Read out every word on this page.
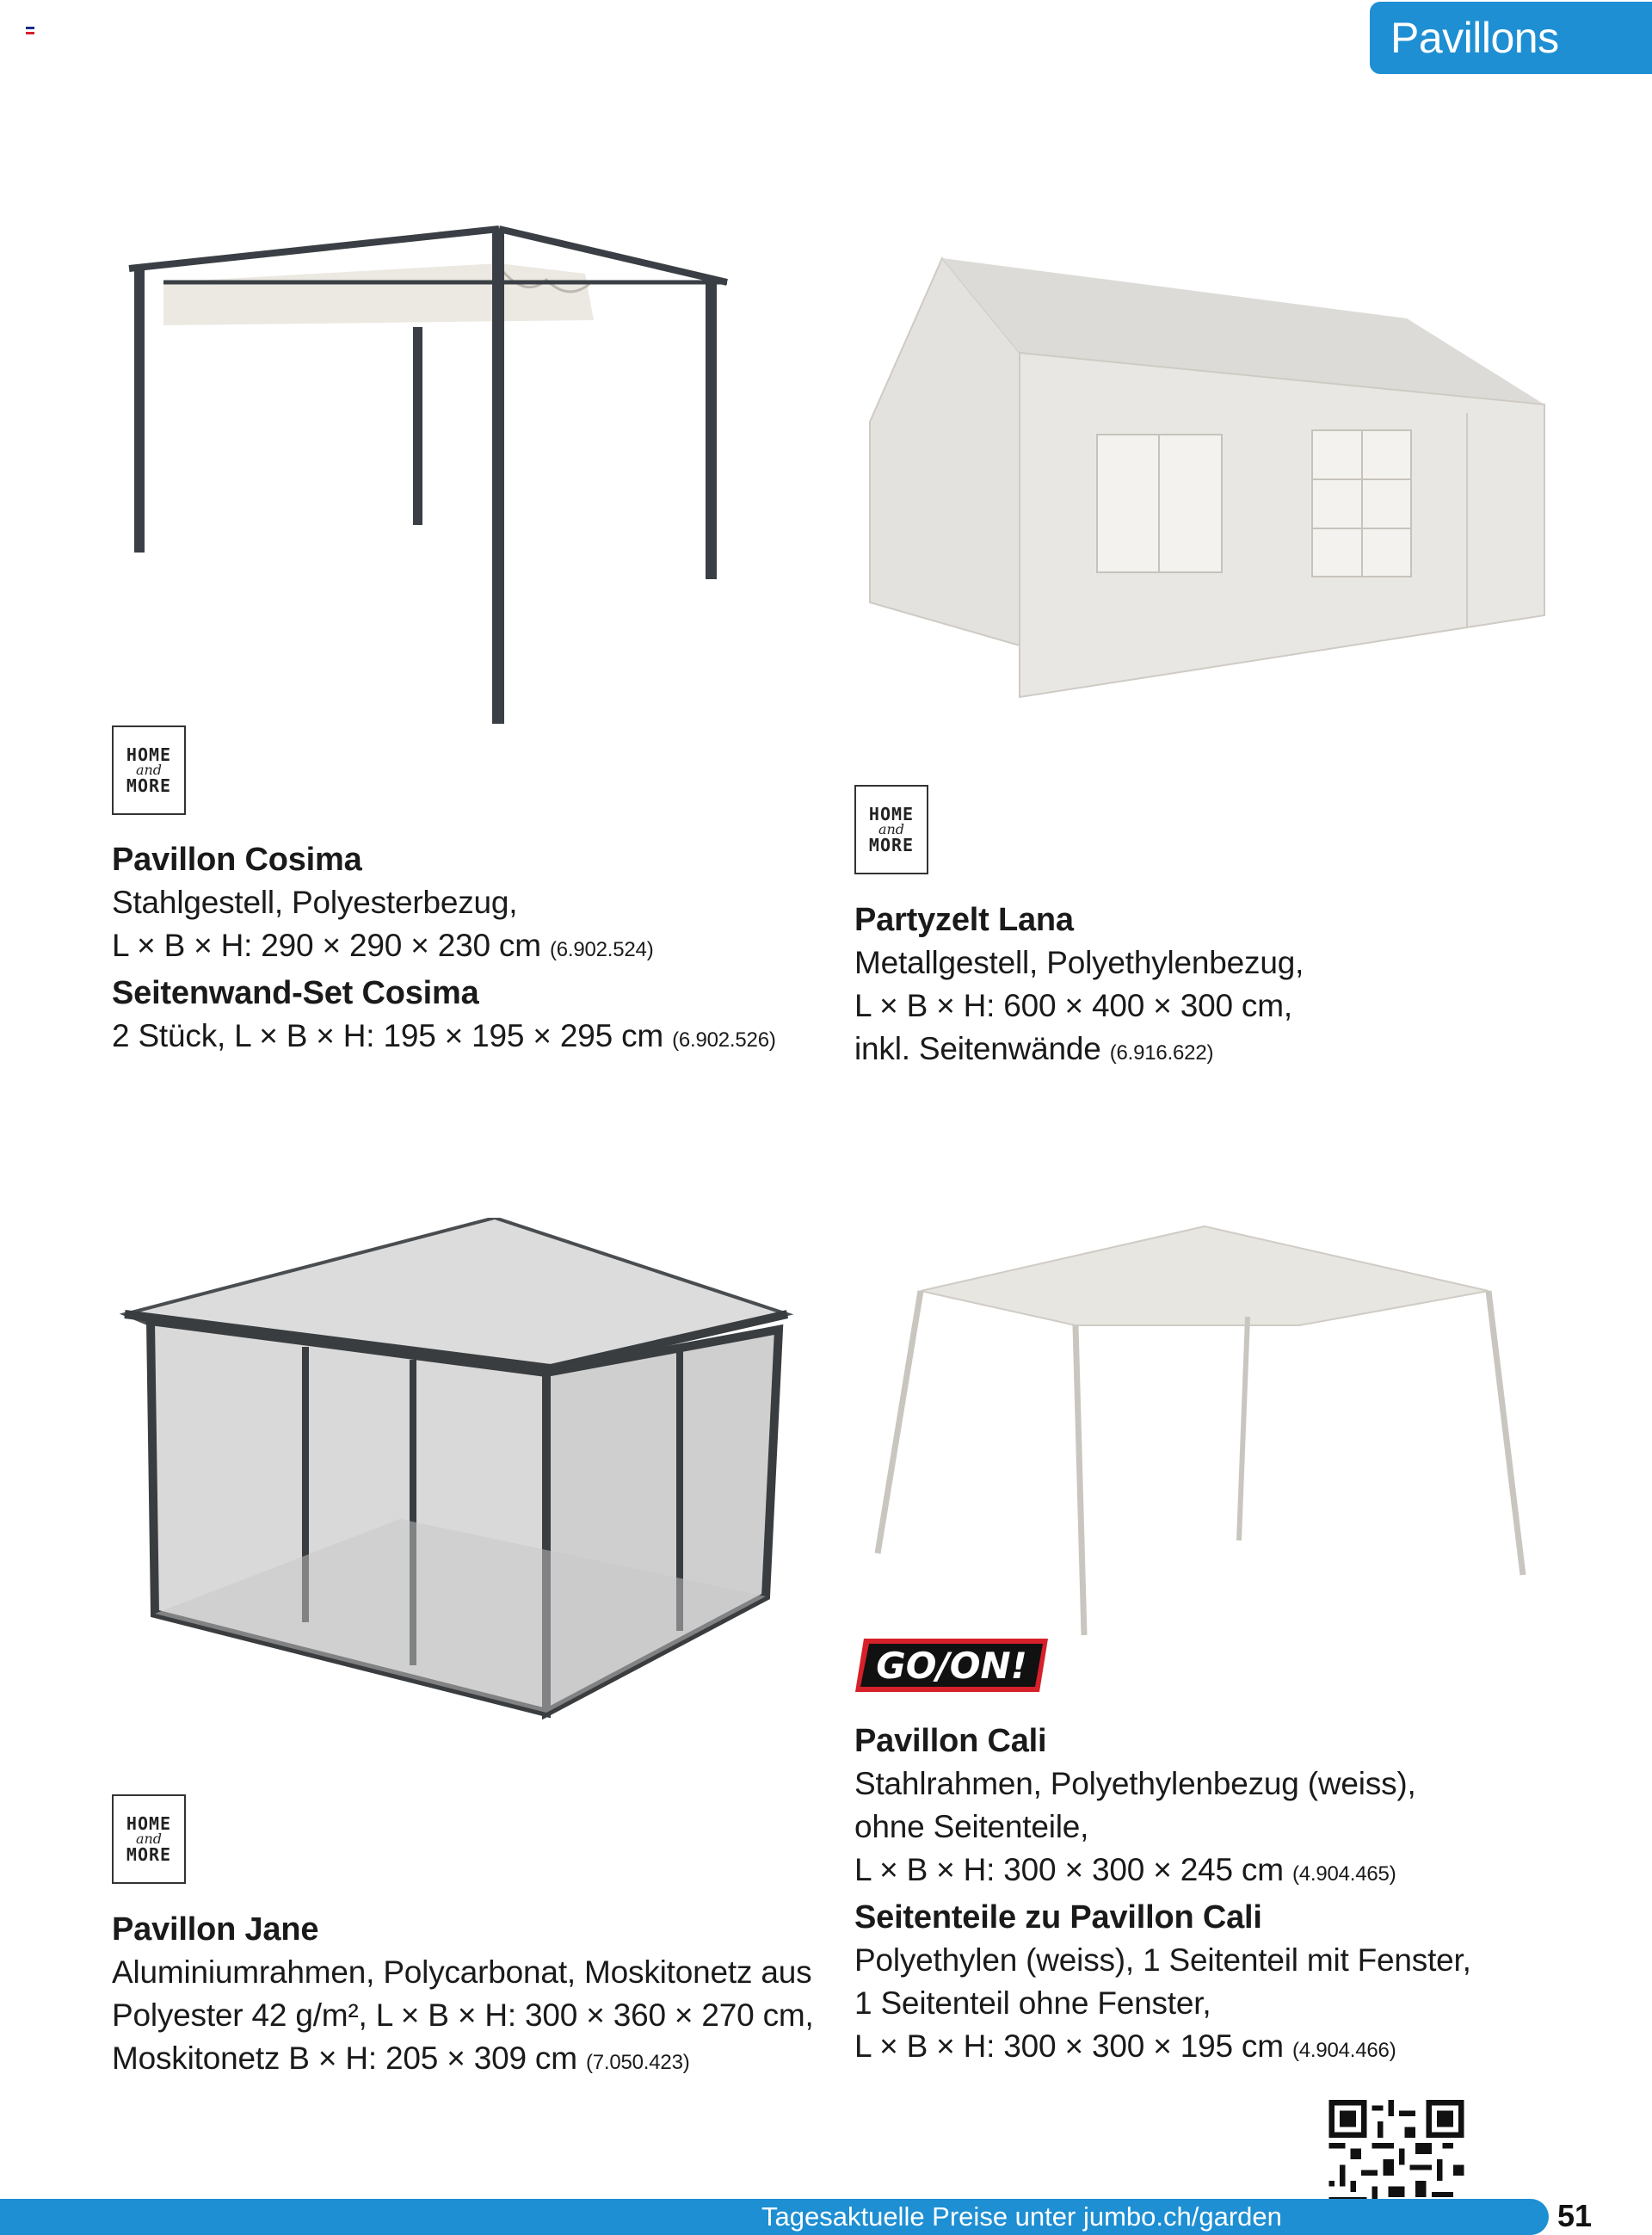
Pavillons
HOME
and
MORE
HOME
and
MORE
HOME
and
MORE
GO/ON!
Pavillon Cosima
Stahlgestell, Polyesterbezug,
L × B × H: 290 × 290 × 230 cm (6.902.524)
Seitenwand-Set Cosima
2 Stück, L × B × H: 195 × 195 × 295 cm (6.902.526)
Partyzelt Lana
Metallgestell, Polyethylenbezug,
L × B × H: 600 × 400 × 300 cm,
inkl. Seitenwände (6.916.622)
Pavillon Jane
Aluminiumrahmen, Polycarbonat, Moskitonetz aus
Polyester 42 g/m², L × B × H: 300 × 360 × 270 cm,
Moskitonetz B × H: 205 × 309 cm (7.050.423)
Pavillon Cali
Stahlrahmen, Polyethylenbezug (weiss),
ohne Seitenteile,
L × B × H: 300 × 300 × 245 cm (4.904.465)
Seitenteile zu Pavillon Cali
Polyethylen (weiss), 1 Seitenteil mit Fenster,
1 Seitenteil ohne Fenster,
L × B × H: 300 × 300 × 195 cm (4.904.466)
Tagesaktuelle Preise unter jumbo.ch/garden	51
